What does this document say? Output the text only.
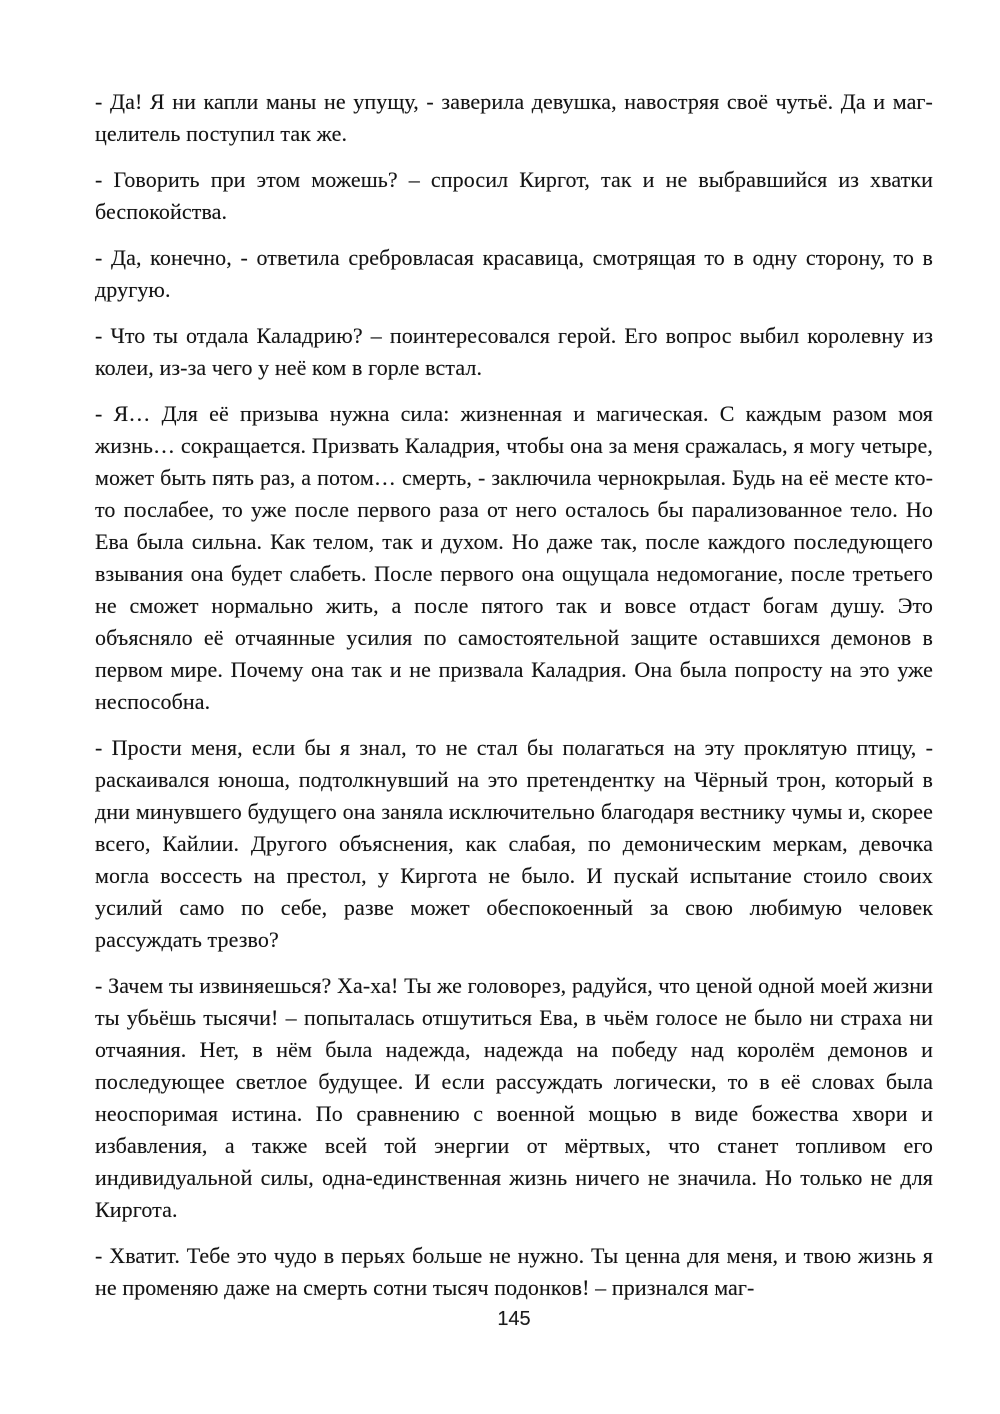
- Да! Я ни капли маны не упущу, - заверила девушка, навостряя своё чутьё. Да и маг-целитель поступил так же.

- Говорить при этом можешь? – спросил Киргот, так и не выбравшийся из хватки беспокойства.

- Да, конечно, - ответила сребровласая красавица, смотрящая то в одну сторону, то в другую.

- Что ты отдала Каладрию? – поинтересовался герой. Его вопрос выбил королевну из колеи, из-за чего у неё ком в горле встал.

- Я… Для её призыва нужна сила: жизненная и магическая. С каждым разом моя жизнь… сокращается. Призвать Каладрия, чтобы она за меня сражалась, я могу четыре, может быть пять раз, а потом… смерть, - заключила чернокрылая. Будь на её месте кто-то послабее, то уже после первого раза от него осталось бы парализованное тело. Но Ева была сильна. Как телом, так и духом. Но даже так, после каждого последующего взывания она будет слабеть. После первого она ощущала недомогание, после третьего не сможет нормально жить, а после пятого так и вовсе отдаст богам душу. Это объясняло её отчаянные усилия по самостоятельной защите оставшихся демонов в первом мире. Почему она так и не призвала Каладрия. Она была попросту на это уже неспособна.

- Прости меня, если бы я знал, то не стал бы полагаться на эту проклятую птицу, - раскаивался юноша, подтолкнувший на это претендентку на Чёрный трон, который в дни минувшего будущего она заняла исключительно благодаря вестнику чумы и, скорее всего, Кайлии. Другого объяснения, как слабая, по демоническим меркам, девочка могла воссесть на престол, у Киргота не было. И пускай испытание стоило своих усилий само по себе, разве может обеспокоенный за свою любимую человек рассуждать трезво?

- Зачем ты извиняешься? Ха-ха! Ты же головорез, радуйся, что ценой одной моей жизни ты убьёшь тысячи! – попыталась отшутиться Ева, в чьём голосе не было ни страха ни отчаяния. Нет, в нём была надежда, надежда на победу над королём демонов и последующее светлое будущее. И если рассуждать логически, то в её словах была неоспоримая истина. По сравнению с военной мощью в виде божества хвори и избавления, а также всей той энергии от мёртвых, что станет топливом его индивидуальной силы, одна-единственная жизнь ничего не значила. Но только не для Киргота.

- Хватит. Тебе это чудо в перьях больше не нужно. Ты ценна для меня, и твою жизнь я не променяю даже на смерть сотни тысяч подонков! – признался маг-

145
